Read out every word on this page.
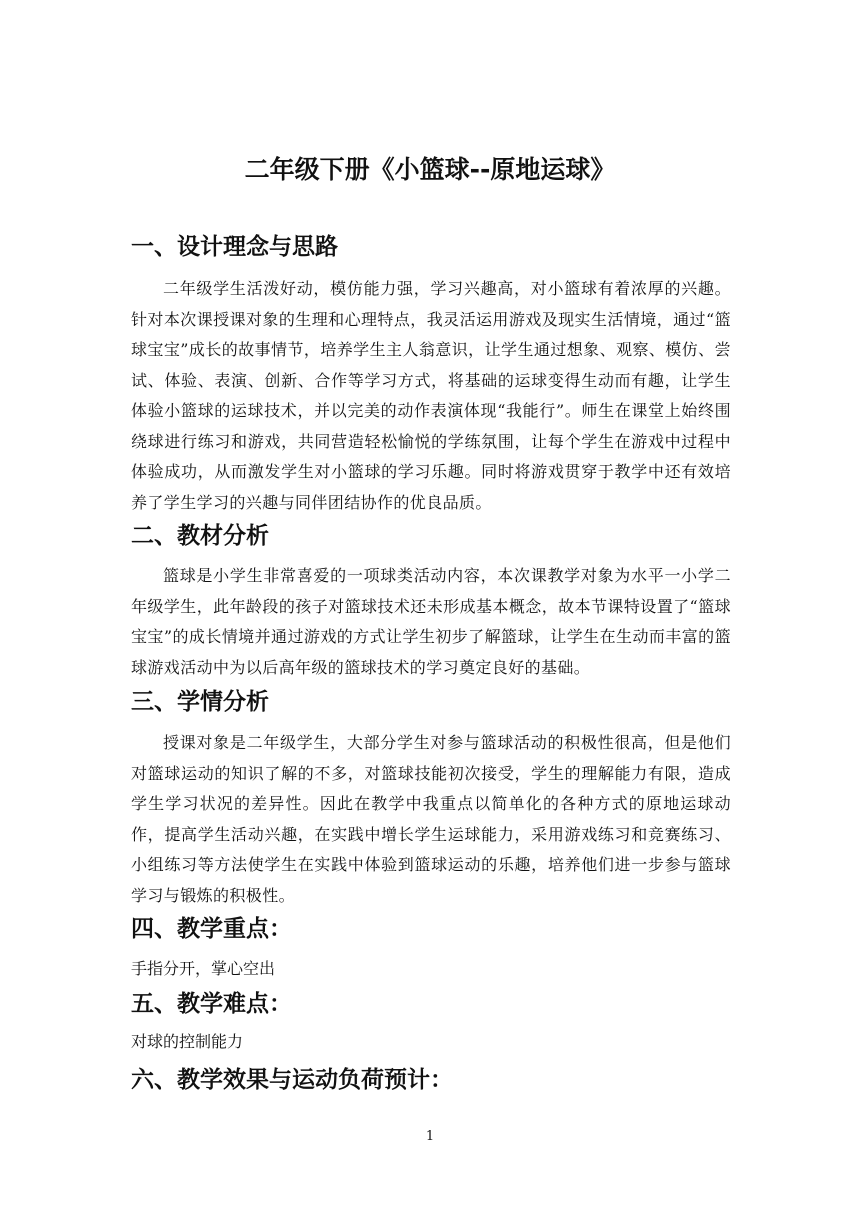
二年级下册《小篮球--原地运球》
一、设计理念与思路
二年级学生活泼好动，模仿能力强，学习兴趣高，对小篮球有着浓厚的兴趣。针对本次课授课对象的生理和心理特点，我灵活运用游戏及现实生活情境，通过“篮球宝宝”成长的故事情节，培养学生主人翁意识，让学生通过想象、观察、模仿、尝试、体验、表演、创新、合作等学习方式，将基础的运球变得生动而有趣，让学生体验小篮球的运球技术，并以完美的动作表演体现“我能行”。师生在课堂上始终围绕球进行练习和游戏，共同营造轻松愉悦的学练氛围，让每个学生在游戏中过程中体验成功，从而激发学生对小篮球的学习乐趣。同时将游戏贯穿于教学中还有效培养了学生学习的兴趣与同伴团结协作的优良品质。
二、教材分析
篮球是小学生非常喜爱的一项球类活动内容，本次课教学对象为水平一小学二年级学生，此年龄段的孩子对篮球技术还未形成基本概念，故本节课特设置了“篮球宝宝”的成长情境并通过游戏的方式让学生初步了解篮球，让学生在生动而丰富的篮球游戏活动中为以后高年级的篮球技术的学习奠定良好的基础。
三、学情分析
授课对象是二年级学生，大部分学生对参与篮球活动的积极性很高，但是他们对篮球运动的知识了解的不多，对篮球技能初次接受，学生的理解能力有限，造成学生学习状况的差异性。因此在教学中我重点以简单化的各种方式的原地运球动作，提高学生活动兴趣，在实践中增长学生运球能力，采用游戏练习和竞赛练习、小组练习等方法使学生在实践中体验到篮球运动的乐趣，培养他们进一步参与篮球学习与锻炼的积极性。
四、教学重点：
手指分开，掌心空出
五、教学难点：
对球的控制能力
六、教学效果与运动负荷预计：
1
